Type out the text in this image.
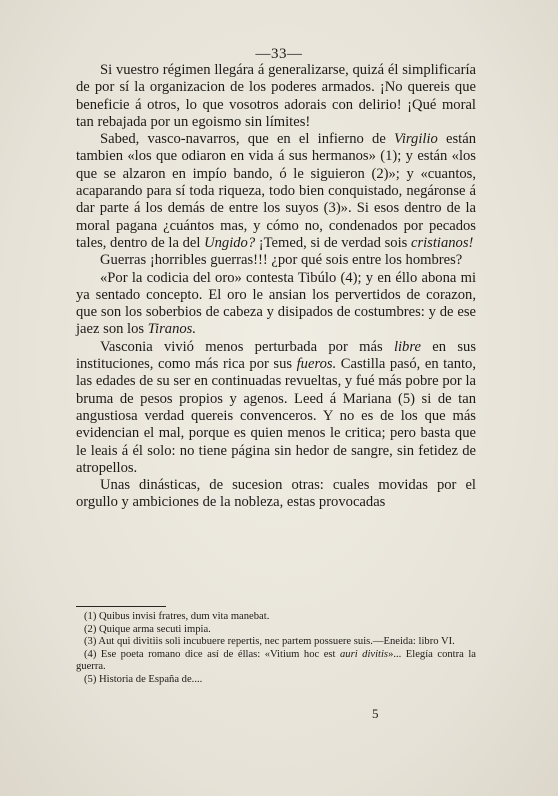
—33—

Si vuestro régimen llegára á generalizarse, quizá él simplificaría de por sí la organizacion de los poderes armados. ¡No quereis que beneficie á otros, lo que vosotros adorais con delirio! ¡Qué moral tan rebajada por un egoismo sin límites!

Sabed, vasco-navarros, que en el infierno de Virgilio están tambien «los que odiaron en vida á sus hermanos» (1); y están «los que se alzaron en impío bando, ó le siguieron (2)»; y «cuantos, acaparando para sí toda riqueza, todo bien conquistado, negáronse á dar parte á los demás de entre los suyos (3)». Si esos dentro de la moral pagana ¿cuántos mas, y cómo no, condenados por pecados tales, dentro de la del Ungido? ¡Temed, si de verdad sois cristianos!

Guerras ¡horribles guerras!!! ¿por qué sois entre los hombres?

«Por la codicia del oro» contesta Tibúlo (4); y en éllo abona mi ya sentado concepto. El oro le ansian los pervertidos de corazon, que son los soberbios de cabeza y disipados de costumbres: y de ese jaez son los Tiranos.

Vasconia vivió menos perturbada por más libre en sus instituciones, como más rica por sus fueros. Castilla pasó, en tanto, las edades de su ser en continuadas revueltas, y fué más pobre por la bruma de pesos propios y agenos. Leed á Mariana (5) si de tan angustiosa verdad quereis convenceros. Y no es de los que más evidencian el mal, porque es quien menos le critica; pero basta que le leais á él solo: no tiene página sin hedor de sangre, sin fetidez de atropellos.

Unas dinásticas, de sucesion otras: cuales movidas por el orgullo y ambiciones de la nobleza, estas provocadas

(1) Quibus invisi fratres, dum vita manebat.

(2) Quique arma secuti impia.

(3) Aut qui divitiis soli incubuere repertis, nec partem possuere suis.—Eneida: libro VI.

(4) Ese poeta romano dice así de éllas: «Vitium hoc est auri divitis»... Elegía contra la guerra.

(5) Historia de España de....

5
